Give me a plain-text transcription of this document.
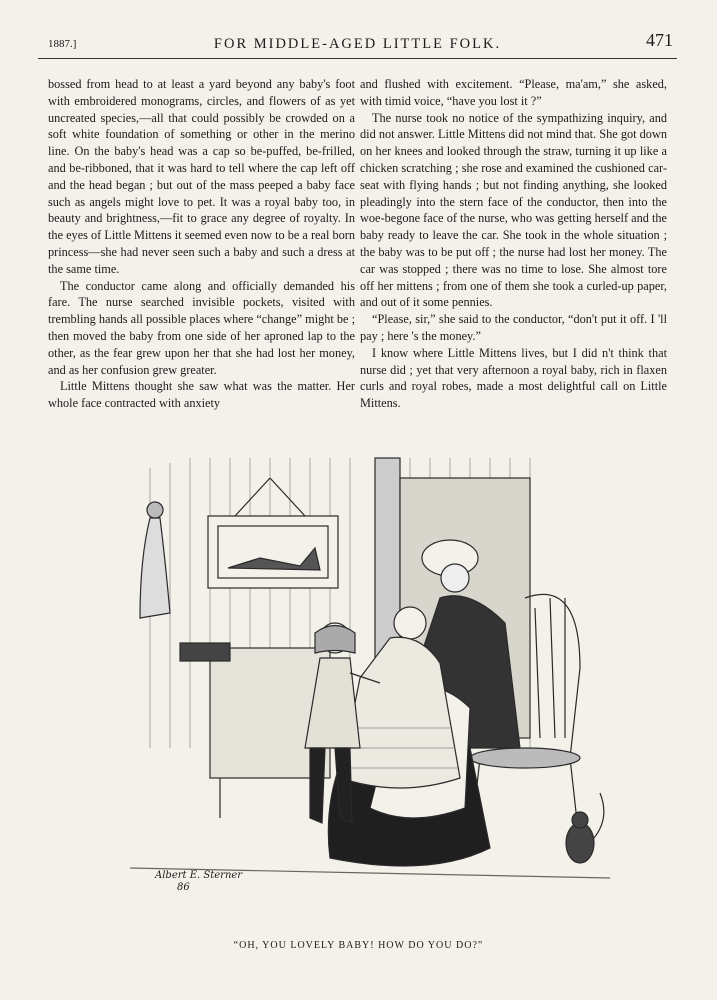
1887.]	FOR MIDDLE-AGED LITTLE FOLK.	471

bossed from head to at least a yard beyond any baby's foot with embroidered monograms, circles, and flowers of as yet uncreated species,—all that could possibly be crowded on a soft white foundation of something or other in the merino line. On the baby's head was a cap so be-puffed, be-frilled, and be-ribboned, that it was hard to tell where the cap left off and the head began ; but out of the mass peeped a baby face such as angels might love to pet. It was a royal baby too, in beauty and brightness,—fit to grace any degree of royalty. In the eyes of Little Mittens it seemed even now to be a real born princess—she had never seen such a baby and such a dress at the same time.

The conductor came along and officially demanded his fare. The nurse searched invisible pockets, visited with trembling hands all possible places where “change” might be ; then moved the baby from one side of her aproned lap to the other, as the fear grew upon her that she had lost her money, and as her confusion grew greater.

Little Mittens thought she saw what was the matter. Her whole face contracted with anxiety

and flushed with excitement. “Please, ma'am,” she asked, with timid voice, “have you lost it ?”

The nurse took no notice of the sympathizing inquiry, and did not answer. Little Mittens did not mind that. She got down on her knees and looked through the straw, turning it up like a chicken scratching ; she rose and examined the cushioned car-seat with flying hands ; but not finding anything, she looked pleadingly into the stern face of the conductor, then into the woe-begone face of the nurse, who was getting herself and the baby ready to leave the car. She took in the whole situation ; the baby was to be put off ; the nurse had lost her money. The car was stopped ; there was no time to lose. She almost tore off her mittens ; from one of them she took a curled-up paper, and out of it some pennies.

“Please, sir,” she said to the conductor, “don't put it off. I 'll pay ; here 's the money.”

I know where Little Mittens lives, but I did n't think that nurse did ; yet that very afternoon a royal baby, rich in flaxen curls and royal robes, made a most delightful call on Little Mittens.

Albert E. Sterner
86
“OH, YOU LOVELY BABY! HOW DO YOU DO?”
